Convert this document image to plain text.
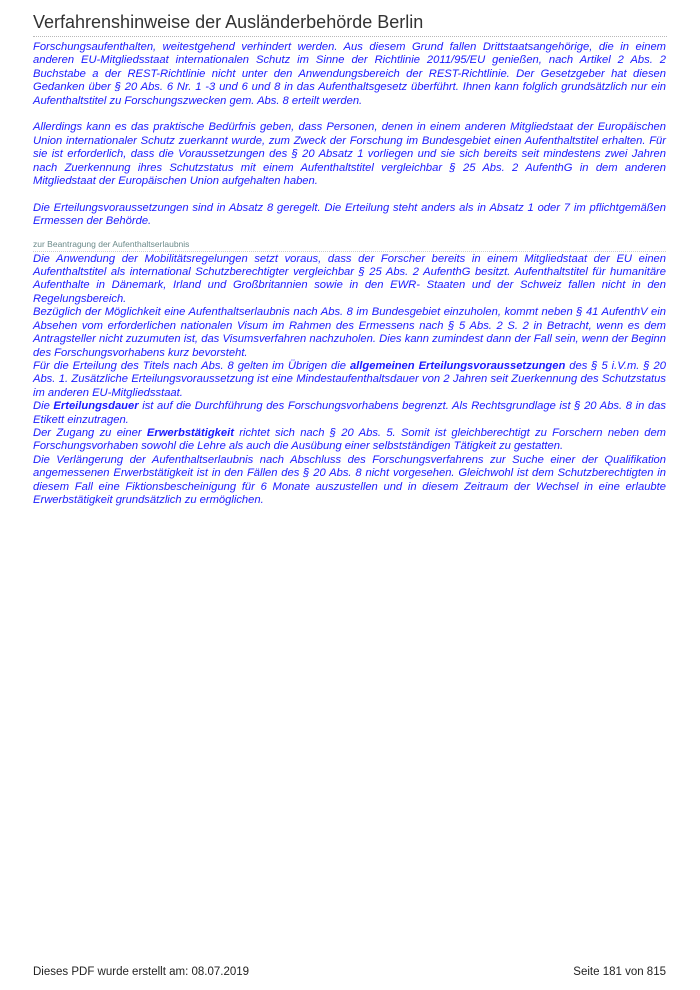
Verfahrenshinweise der Ausländerbehörde Berlin

Forschungsaufenthalten, weitestgehend verhindert werden. Aus diesem Grund fallen Drittstaatsangehörige, die in einem anderen EU-Mitgliedsstaat internationalen Schutz im Sinne der Richtlinie 2011/95/EU genießen, nach Artikel 2 Abs. 2 Buchstabe a der REST-Richtlinie nicht unter den Anwendungsbereich der REST-Richtlinie. Der Gesetzgeber hat diesen Gedanken über § 20 Abs. 6 Nr. 1 -3 und 6 und 8 in das Aufenthaltsgesetz überführt. Ihnen kann folglich grundsätzlich nur ein Aufenthaltstitel zu Forschungszwecken gem. Abs. 8 erteilt werden.

Allerdings kann es das praktische Bedürfnis geben, dass Personen, denen in einem anderen Mitgliedstaat der Europäischen Union internationaler Schutz zuerkannt wurde, zum Zweck der Forschung im Bundesgebiet einen Aufenthaltstitel erhalten. Für sie ist erforderlich, dass die Voraussetzungen des § 20 Absatz 1 vorliegen und sie sich bereits seit mindestens zwei Jahren nach Zuerkennung ihres Schutzstatus mit einem Aufenthaltstitel vergleichbar § 25 Abs. 2 AufenthG in dem anderen Mitgliedstaat der Europäischen Union aufgehalten haben.

Die Erteilungsvoraussetzungen sind in Absatz 8 geregelt. Die Erteilung steht anders als in Absatz 1 oder 7 im pflichtgemäßen Ermessen der Behörde.

zur Beantragung der Aufenthaltserlaubnis

Die Anwendung der Mobilitätsregelungen setzt voraus, dass der Forscher bereits in einem Mitgliedstaat der EU einen Aufenthaltstitel als international Schutzberechtigter vergleichbar § 25 Abs. 2 AufenthG besitzt. Aufenthaltstitel für humanitäre Aufenthalte in Dänemark, Irland und Großbritannien sowie in den EWR- Staaten und der Schweiz fallen nicht in den Regelungsbereich.

Bezüglich der Möglichkeit eine Aufenthaltserlaubnis nach Abs. 8 im Bundesgebiet einzuholen, kommt neben § 41 AufenthV ein Absehen vom erforderlichen nationalen Visum im Rahmen des Ermessens nach § 5 Abs. 2 S. 2 in Betracht, wenn es dem Antragsteller nicht zuzumuten ist, das Visumsverfahren nachzuholen. Dies kann zumindest dann der Fall sein, wenn der Beginn des Forschungsvorhabens kurz bevorsteht.

Für die Erteilung des Titels nach Abs. 8 gelten im Übrigen die allgemeinen Erteilungsvoraussetzungen des § 5 i.V.m. § 20 Abs. 1. Zusätzliche Erteilungsvoraussetzung ist eine Mindestaufenthaltsdauer von 2 Jahren seit Zuerkennung des Schutzstatus im anderen EU-Mitgliedsstaat.

Die Erteilungsdauer ist auf die Durchführung des Forschungsvorhabens begrenzt. Als Rechtsgrundlage ist § 20 Abs. 8 in das Etikett einzutragen.

Der Zugang zu einer Erwerbstätigkeit richtet sich nach § 20 Abs. 5. Somit ist gleichberechtigt zu Forschern neben dem Forschungsvorhaben sowohl die Lehre als auch die Ausübung einer selbstständigen Tätigkeit zu gestatten.

Die Verlängerung der Aufenthaltserlaubnis nach Abschluss des Forschungsverfahrens zur Suche einer der Qualifikation angemessenen Erwerbstätigkeit ist in den Fällen des § 20 Abs. 8 nicht vorgesehen. Gleichwohl ist dem Schutzberechtigten in diesem Fall eine Fiktionsbescheinigung für 6 Monate auszustellen und in diesem Zeitraum der Wechsel in eine erlaubte Erwerbstätigkeit grundsätzlich zu ermöglichen.

Dieses PDF wurde erstellt am: 08.07.2019	Seite 181 von 815
